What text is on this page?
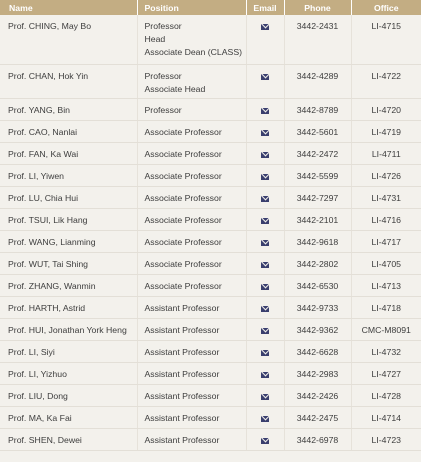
Name	Position	Email	Phone	Office

Prof. CHING, May Bo	Professor
Head
Associate Dean (CLASS)		3442-2431	LI-4715

Prof. CHAN, Hok Yin	Professor
Associate Head		3442-4289	LI-4722

Prof. YANG, Bin	Professor		3442-8789	LI-4720

Prof. CAO, Nanlai	Associate Professor		3442-5601	LI-4719

Prof. FAN, Ka Wai	Associate Professor		3442-2472	LI-4711

Prof. LI, Yiwen	Associate Professor		3442-5599	LI-4726

Prof. LU, Chia Hui	Associate Professor		3442-7297	LI-4731

Prof. TSUI, Lik Hang	Associate Professor		3442-2101	LI-4716

Prof. WANG, Lianming	Associate Professor		3442-9618	LI-4717

Prof. WUT, Tai Shing	Associate Professor		3442-2802	LI-4705

Prof. ZHANG, Wanmin	Associate Professor		3442-6530	LI-4713

Prof. HARTH, Astrid	Assistant Professor		3442-9733	LI-4718

Prof. HUI, Jonathan York Heng	Assistant Professor		3442-9362	CMC-M8091

Prof. LI, Siyi	Assistant Professor		3442-6628	LI-4732

Prof. LI, Yizhuo	Assistant Professor		3442-2983	LI-4727

Prof. LIU, Dong	Assistant Professor		3442-2426	LI-4728

Prof. MA, Ka Fai	Assistant Professor		3442-2475	LI-4714

Prof. SHEN, Dewei	Assistant Professor		3442-6978	LI-4723
